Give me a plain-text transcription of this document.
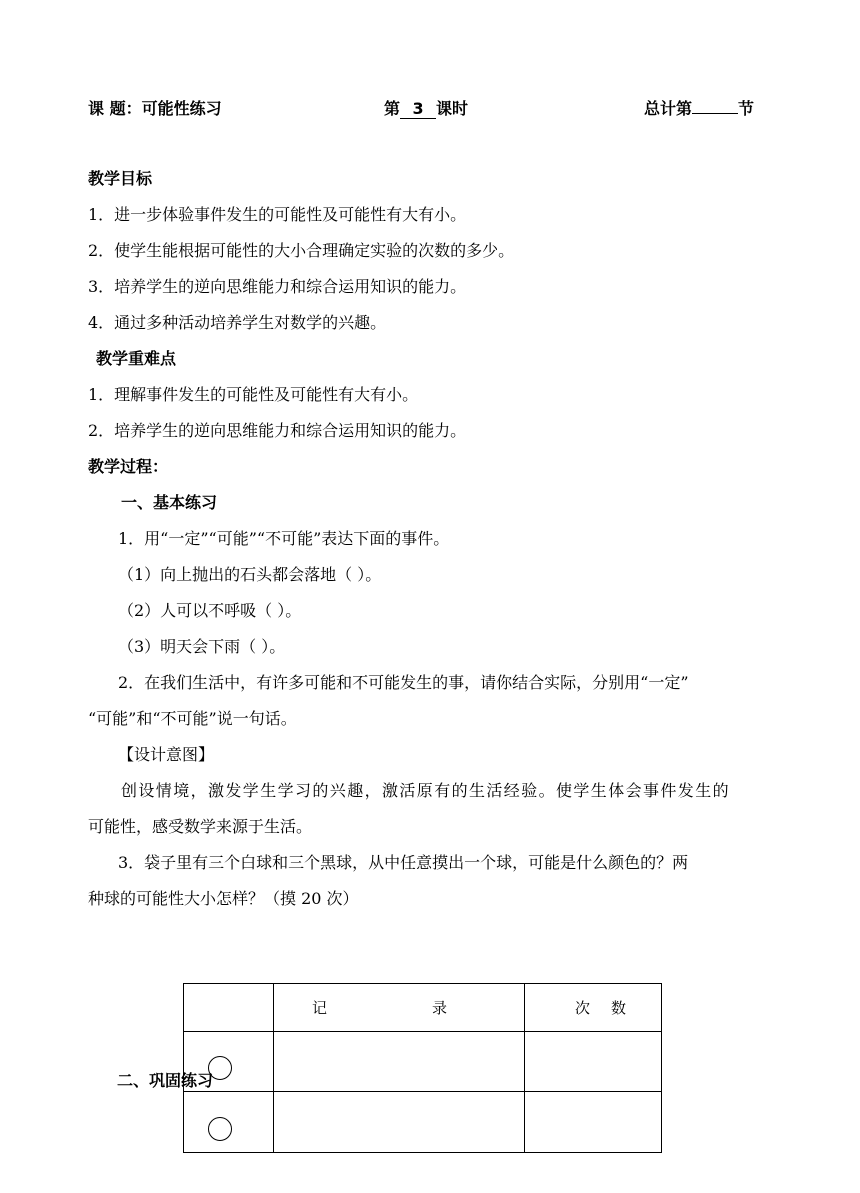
课 题：可能性练习	第 3 课时	总计第	节
教学目标
1．进一步体验事件发生的可能性及可能性有大有小。
2．使学生能根据可能性的大小合理确定实验的次数的多少。
3．培养学生的逆向思维能力和综合运用知识的能力。
4．通过多种活动培养学生对数学的兴趣。
教学重难点
1．理解事件发生的可能性及可能性有大有小。
2．培养学生的逆向思维能力和综合运用知识的能力。
教学过程：
一、基本练习
1．用“一定”“可能”“不可能”表达下面的事件。
（1）向上抛出的石头都会落地（ ）。
（2）人可以不呼吸（ ）。
（3）明天会下雨（ ）。
2．在我们生活中，有许多可能和不可能发生的事，请你结合实际，分别用“一定”
“可能”和“不可能”说一句话。
【设计意图】
创设情境，激发学生学习的兴趣，激活原有的生活经验。使学生体会事件发生的
可能性，感受数学来源于生活。
3．袋子里有三个白球和三个黑球，从中任意摸出一个球，可能是什么颜色的？两
种球的可能性大小怎样？（摸 20 次）
	记 录	次 数

二、巩固练习
